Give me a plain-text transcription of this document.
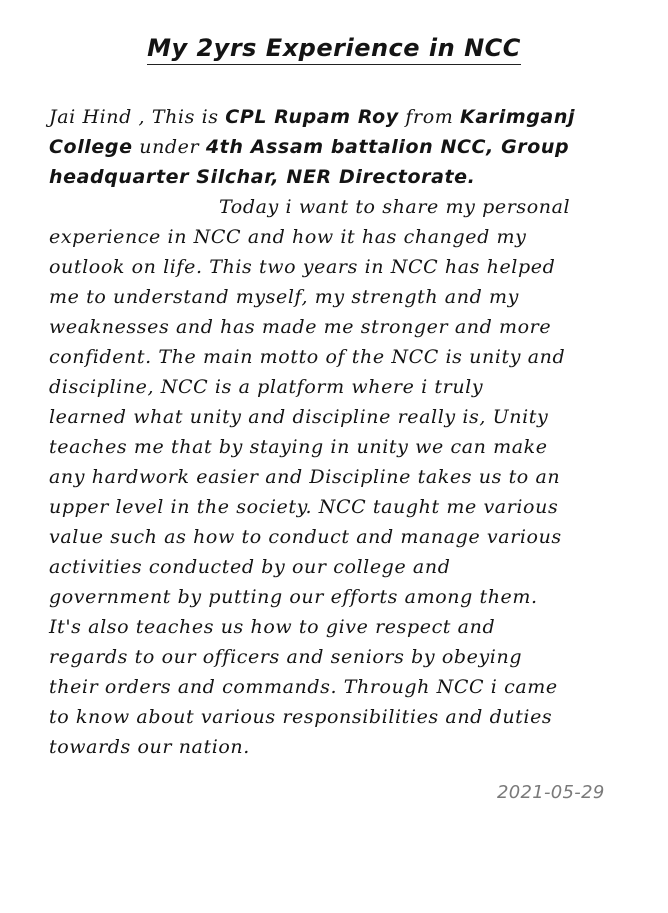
My 2yrs Experience in NCC
Jai Hind , This is CPL Rupam Roy from Karimganj
College under 4th Assam battalion NCC, Group
headquarter Silchar, NER Directorate.
Today i want to share my personal
experience in NCC and how it has changed my
outlook on life. This two years in NCC has helped
me to understand myself, my strength and my
weaknesses and has made me stronger and more
confident. The main motto of the NCC is unity and
discipline, NCC is a platform where i truly
learned what unity and discipline really is, Unity
teaches me that by staying in unity we can make
any hardwork easier and Discipline takes us to an
upper level in the society. NCC taught me various
value such as how to conduct and manage various
activities conducted by our college and
government by putting our efforts among them.
It's also teaches us how to give respect and
regards to our officers and seniors by obeying
their orders and commands. Through NCC i came
to know about various responsibilities and duties
towards our nation.
2021-05-29
